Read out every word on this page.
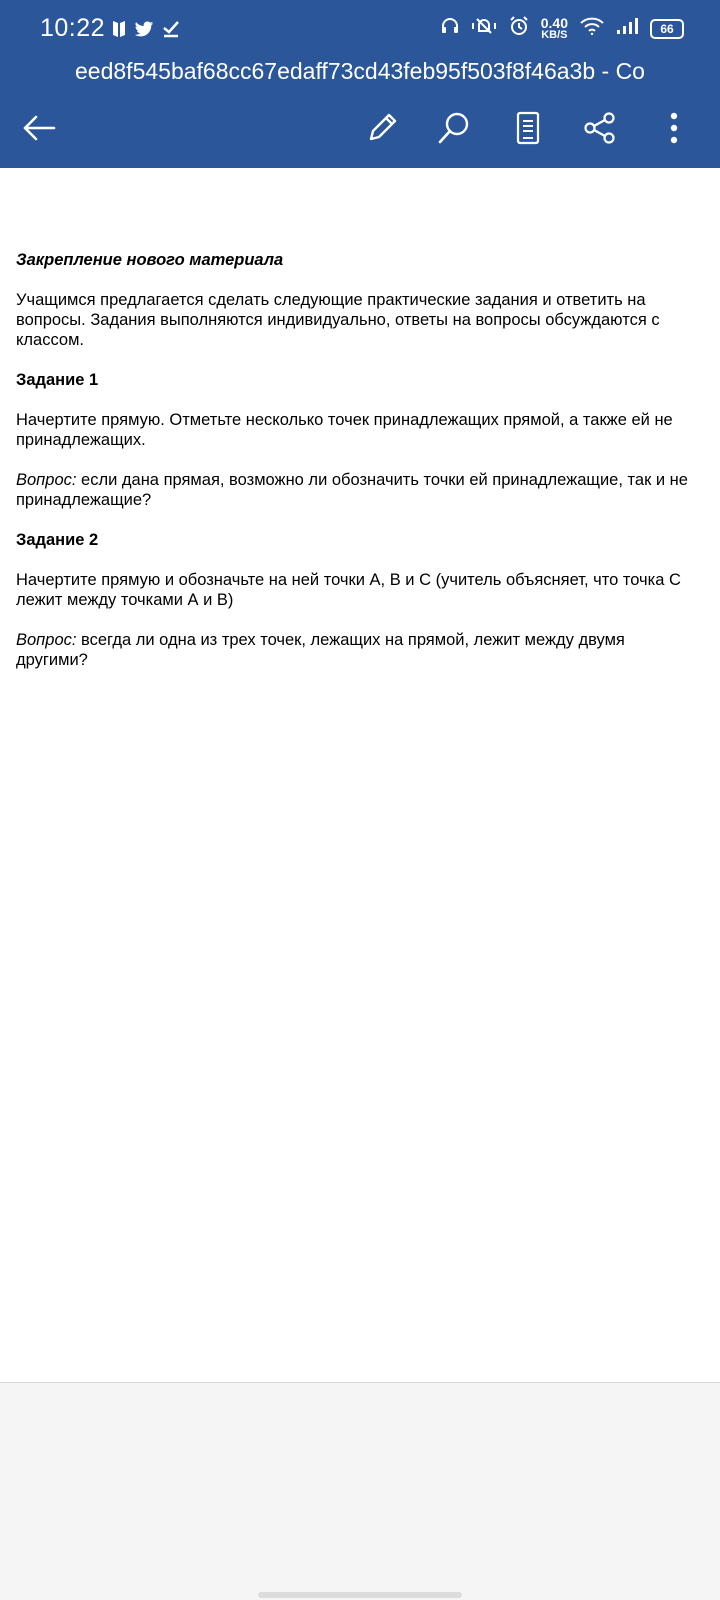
10:22	0.40
KB/S	66
eed8f545baf68cc67edaff73cd43feb95f503f8f46a3b - Co

Закрепление нового материала

Учащимся предлагается сделать следующие практические задания и ответить на вопросы. Задания выполняются индивидуально, ответы на вопросы обсуждаются с классом.

Задание 1

Начертите прямую. Отметьте несколько точек принадлежащих прямой, а также ей не принадлежащих.

Вопрос: если дана прямая, возможно ли обозначить точки ей принадлежащие, так и не принадлежащие?

Задание 2

Начертите прямую и обозначьте на ней точки А, В и С (учитель объясняет, что точка С лежит между точками А и В)

Вопрос: всегда ли одна из трех точек, лежащих на прямой, лежит между двумя другими?
